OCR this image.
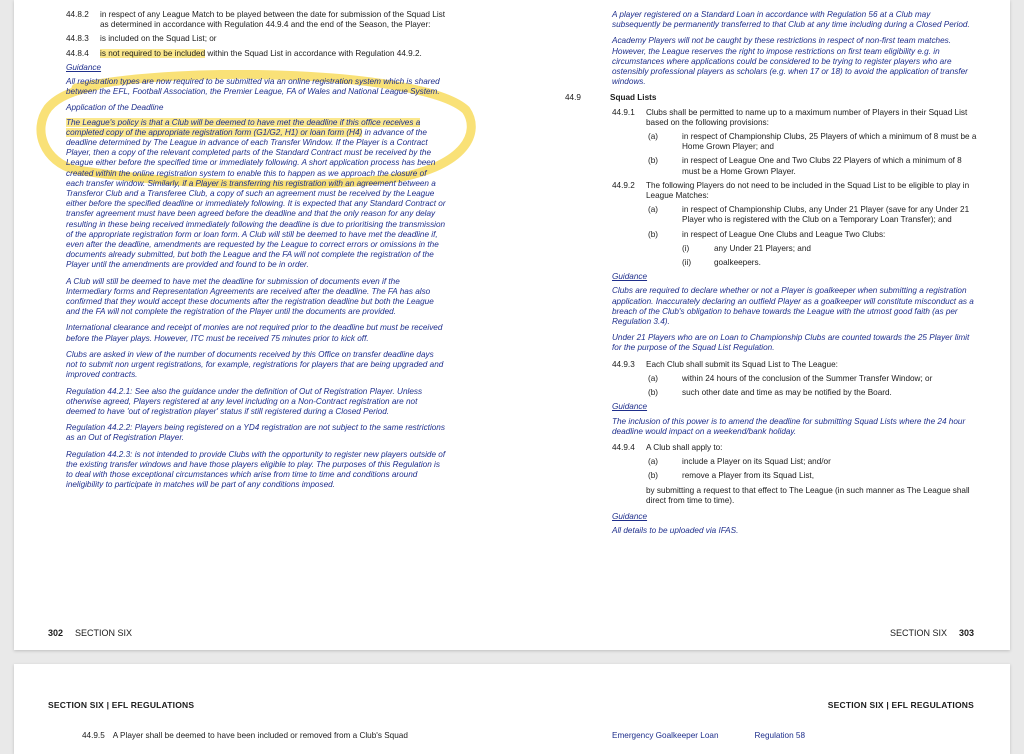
44.8.2	in respect of any League Match to be played between the date for submission of the Squad List as determined in accordance with Regulation 44.9.4 and the end of the Season, the Player:
44.8.3	is included on the Squad List; or
44.8.4	is not required to be included within the Squad List in accordance with Regulation 44.9.2.
Guidance
All registration types are now required to be submitted via an online registration system which is shared between the EFL, Football Association, the Premier League, FA of Wales and National League System.
Application of the Deadline
The League's policy is that a Club will be deemed to have met the deadline if this office receives a completed copy of the appropriate registration form (G1/G2, H1) or loan form (H4) in advance of the deadline determined by The League in advance of each Transfer Window. If the Player is a Contract Player, then a copy of the relevant completed parts of the Standard Contract must be received by the League either before the specified time or immediately following. A short application process has been created within the online registration system to enable this to happen as we approach the closure of each transfer window. Similarly, if a Player is transferring his registration with an agreement between a Transferor Club and a Transferee Club, a copy of such an agreement must be received by the League either before the specified deadline or immediately following. It is expected that any Standard Contract or transfer agreement must have been agreed before the deadline and that the only reason for any delay resulting in these being received immediately following the deadline is due to prioritising the transmission of the appropriate registration form or loan form. A Club will still be deemed to have met the deadline if, even after the deadline, amendments are requested by the League to correct errors or omissions in the documents already submitted, but both the League and the FA will not complete the registration of the Player until the amendments are provided and found to be in order.
A Club will still be deemed to have met the deadline for submission of documents even if the Intermediary forms and Representation Agreements are received after the deadline. The FA has also confirmed that they would accept these documents after the registration deadline but both the League and the FA will not complete the registration of the Player until the documents are provided.
International clearance and receipt of monies are not required prior to the deadline but must be received before the Player plays. However, ITC must be received 75 minutes prior to kick off.
Clubs are asked in view of the number of documents received by this Office on transfer deadline days not to submit non urgent registrations, for example, registrations for players that are being upgraded and improved contracts.
Regulation 44.2.1: See also the guidance under the definition of Out of Registration Player. Unless otherwise agreed, Players registered at any level including on a Non-Contract registration are not deemed to have 'out of registration player' status if still registered during a Closed Period.
Regulation 44.2.2: Players being registered on a YD4 registration are not subject to the same restrictions as an Out of Registration Player.
Regulation 44.2.3: is not intended to provide Clubs with the opportunity to register new players outside of the existing transfer windows and have those players eligible to play. The purposes of this Regulation is to deal with those exceptional circumstances which arise from time to time and conditions around ineligibility to participate in matches will be part of any conditions imposed.
A player registered on a Standard Loan in accordance with Regulation 56 at a Club may subsequently be permanently transferred to that Club at any time including during a Closed Period.
Academy Players will not be caught by these restrictions in respect of non-first team matches. However, the League reserves the right to impose restrictions on first team eligibility e.g. in circumstances where applications could be considered to be trying to register players who are ostensibly professional players as scholars (e.g. when 17 or 18) to avoid the application of transfer windows.
44.9	Squad Lists
44.9.1	Clubs shall be permitted to name up to a maximum number of Players in their Squad List based on the following provisions:
(a)	in respect of Championship Clubs, 25 Players of which a minimum of 8 must be a Home Grown Player; and
(b)	in respect of League One and Two Clubs 22 Players of which a minimum of 8 must be a Home Grown Player.
44.9.2	The following Players do not need to be included in the Squad List to be eligible to play in League Matches:
(a)	in respect of Championship Clubs, any Under 21 Player (save for any Under 21 Player who is registered with the Club on a Temporary Loan Transfer); and
(b)	in respect of League One Clubs and League Two Clubs:
(i)	any Under 21 Players; and
(ii)	goalkeepers.
Guidance
Clubs are required to declare whether or not a Player is goalkeeper when submitting a registration application. Inaccurately declaring an outfield Player as a goalkeeper will constitute misconduct as a breach of the Club's obligation to behave towards the League with the utmost good faith (as per Regulation 3.4).
Under 21 Players who are on Loan to Championship Clubs are counted towards the 25 Player limit for the purpose of the Squad List Regulation.
44.9.3	Each Club shall submit its Squad List to The League:
(a)	within 24 hours of the conclusion of the Summer Transfer Window; or
(b)	such other date and time as may be notified by the Board.
Guidance
The inclusion of this power is to amend the deadline for submitting Squad Lists where the 24 hour deadline would impact on a weekend/bank holiday.
44.9.4	A Club shall apply to:
(a)	include a Player on its Squad List; and/or
(b)	remove a Player from its Squad List,
by submitting a request to that effect to The League (in such manner as The League shall direct from time to time).
Guidance
All details to be uploaded via IFAS.
302 SECTION SIX	SECTION SIX 303
SECTION SIX | EFL REGULATIONS	SECTION SIX | EFL REGULATIONS
44.9.5 A Player shall be deemed to have been included or removed from a Club's Squad	Emergency Goalkeeper Loan	Regulation 58
